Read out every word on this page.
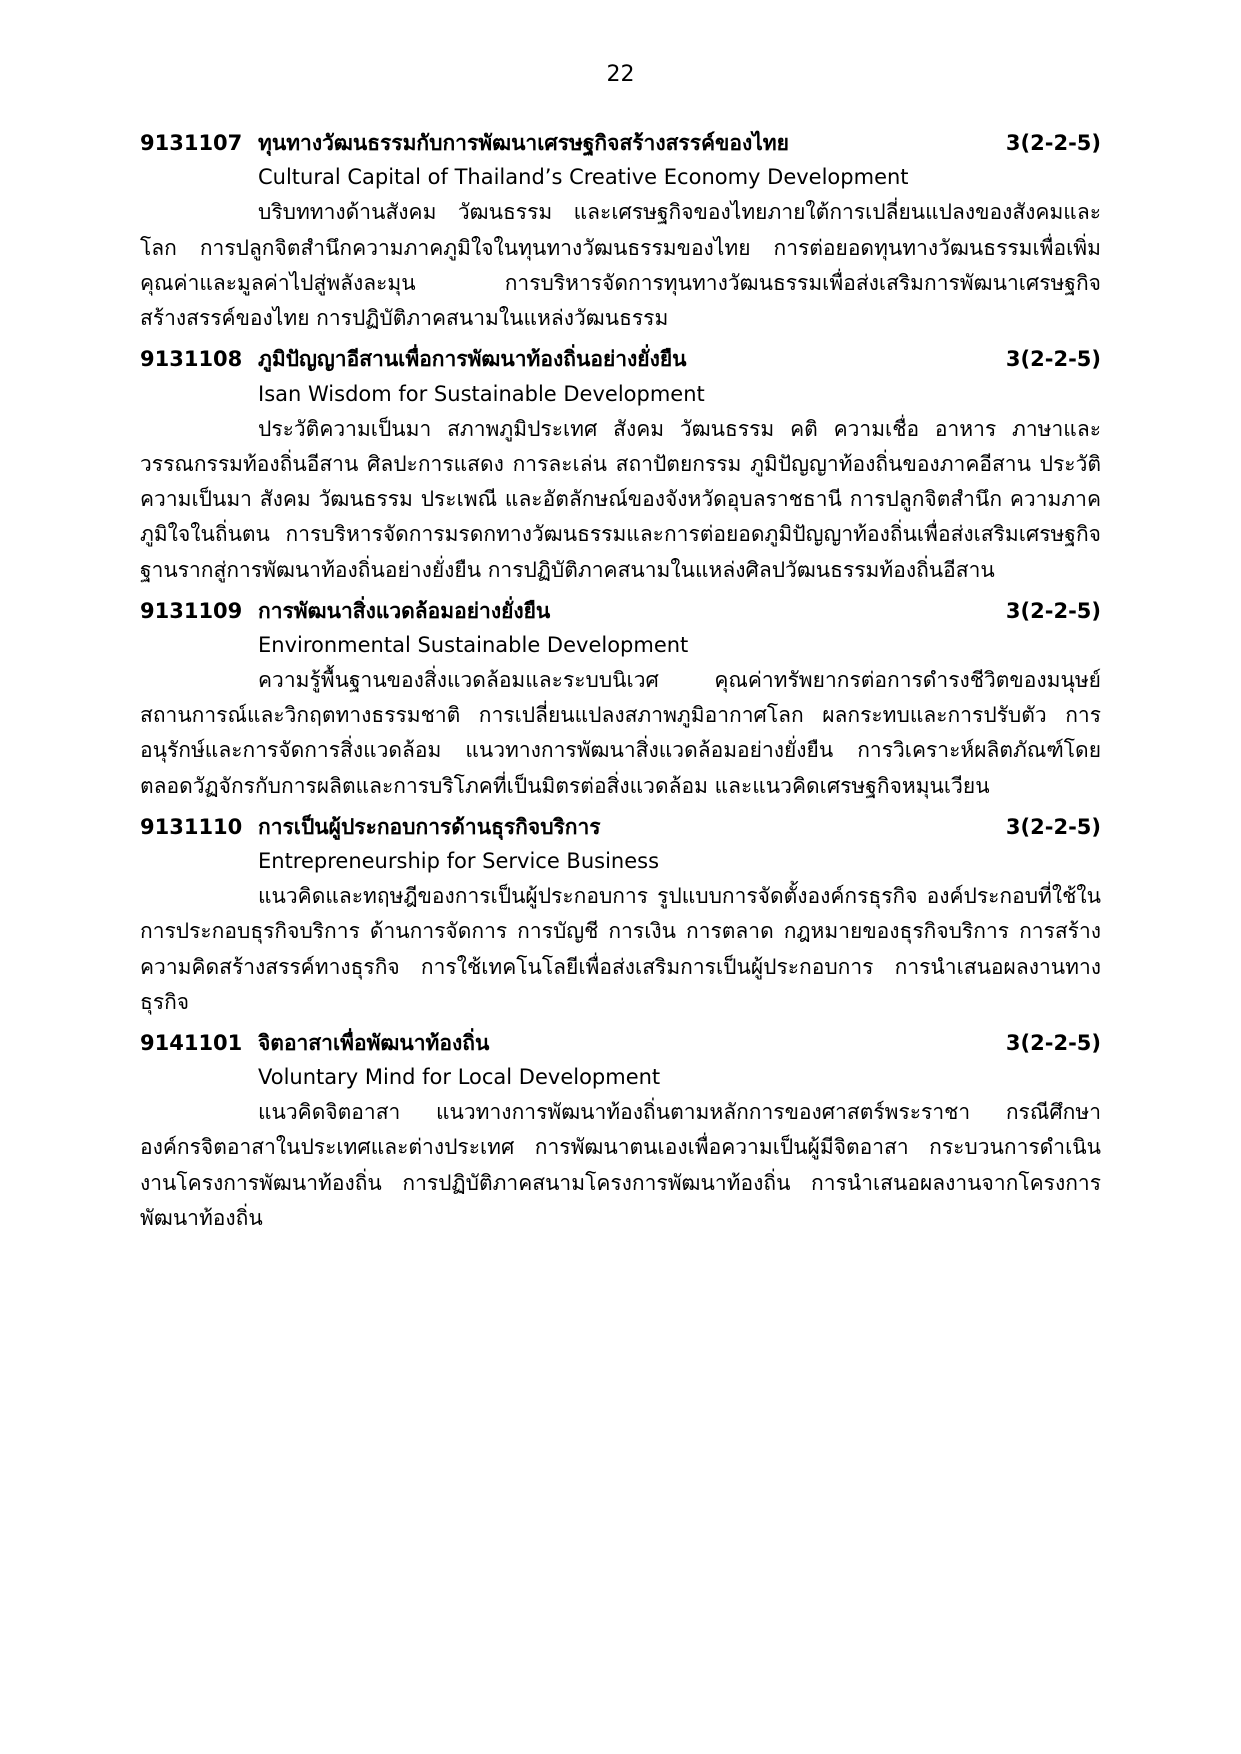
22
9131107 ทุนทางวัฒนธรรมกับการพัฒนาเศรษฐกิจสร้างสรรค์ของไทย	3(2-2-5)
Cultural Capital of Thailand’s Creative Economy Development
บริบททางด้านสังคม วัฒนธรรม และเศรษฐกิจของไทยภายใต้การเปลี่ยนแปลงของสังคมและโลก การปลูกจิตสำนึกความภาคภูมิใจในทุนทางวัฒนธรรมของไทย การต่อยอดทุนทางวัฒนธรรมเพื่อเพิ่มคุณค่าและมูลค่าไปสู่พลังละมุน การบริหารจัดการทุนทางวัฒนธรรมเพื่อส่งเสริมการพัฒนาเศรษฐกิจสร้างสรรค์ของไทย การปฏิบัติภาคสนามในแหล่งวัฒนธรรม
9131108 ภูมิปัญญาอีสานเพื่อการพัฒนาท้องถิ่นอย่างยั่งยืน	3(2-2-5)
Isan Wisdom for Sustainable Development
ประวัติความเป็นมา สภาพภูมิประเทศ สังคม วัฒนธรรม คติ ความเชื่อ อาหาร ภาษาและวรรณกรรมท้องถิ่นอีสาน ศิลปะการแสดง การละเล่น สถาปัตยกรรม ภูมิปัญญาท้องถิ่นของภาคอีสาน ประวัติความเป็นมา สังคม วัฒนธรรม ประเพณี และอัตลักษณ์ของจังหวัดอุบลราชธานี การปลูกจิตสำนึก ความภาคภูมิใจในถิ่นตน การบริหารจัดการมรดกทางวัฒนธรรมและการต่อยอดภูมิปัญญาท้องถิ่นเพื่อส่งเสริมเศรษฐกิจฐานรากสู่การพัฒนาท้องถิ่นอย่างยั่งยืน การปฏิบัติภาคสนามในแหล่งศิลปวัฒนธรรมท้องถิ่นอีสาน
9131109 การพัฒนาสิ่งแวดล้อมอย่างยั่งยืน	3(2-2-5)
Environmental Sustainable Development
ความรู้พื้นฐานของสิ่งแวดล้อมและระบบนิเวศ คุณค่าทรัพยากรต่อการดำรงชีวิตของมนุษย์ สถานการณ์และวิกฤตทางธรรมชาติ การเปลี่ยนแปลงสภาพภูมิอากาศโลก ผลกระทบและการปรับตัว การอนุรักษ์และการจัดการสิ่งแวดล้อม แนวทางการพัฒนาสิ่งแวดล้อมอย่างยั่งยืน การวิเคราะห์ผลิตภัณฑ์โดยตลอดวัฏจักรกับการผลิตและการบริโภคที่เป็นมิตรต่อสิ่งแวดล้อม และแนวคิดเศรษฐกิจหมุนเวียน
9131110 การเป็นผู้ประกอบการด้านธุรกิจบริการ	3(2-2-5)
Entrepreneurship for Service Business
แนวคิดและทฤษฎีของการเป็นผู้ประกอบการ รูปแบบการจัดตั้งองค์กรธุรกิจ องค์ประกอบที่ใช้ในการประกอบธุรกิจบริการ ด้านการจัดการ การบัญชี การเงิน การตลาด กฎหมายของธุรกิจบริการ การสร้างความคิดสร้างสรรค์ทางธุรกิจ การใช้เทคโนโลยีเพื่อส่งเสริมการเป็นผู้ประกอบการ การนำเสนอผลงานทางธุรกิจ
9141101 จิตอาสาเพื่อพัฒนาท้องถิ่น	3(2-2-5)
Voluntary Mind for Local Development
แนวคิดจิตอาสา แนวทางการพัฒนาท้องถิ่นตามหลักการของศาสตร์พระราชา กรณีศึกษาองค์กรจิตอาสาในประเทศและต่างประเทศ การพัฒนาตนเองเพื่อความเป็นผู้มีจิตอาสา กระบวนการดำเนินงานโครงการพัฒนาท้องถิ่น การปฏิบัติภาคสนามโครงการพัฒนาท้องถิ่น การนำเสนอผลงานจากโครงการพัฒนาท้องถิ่น
